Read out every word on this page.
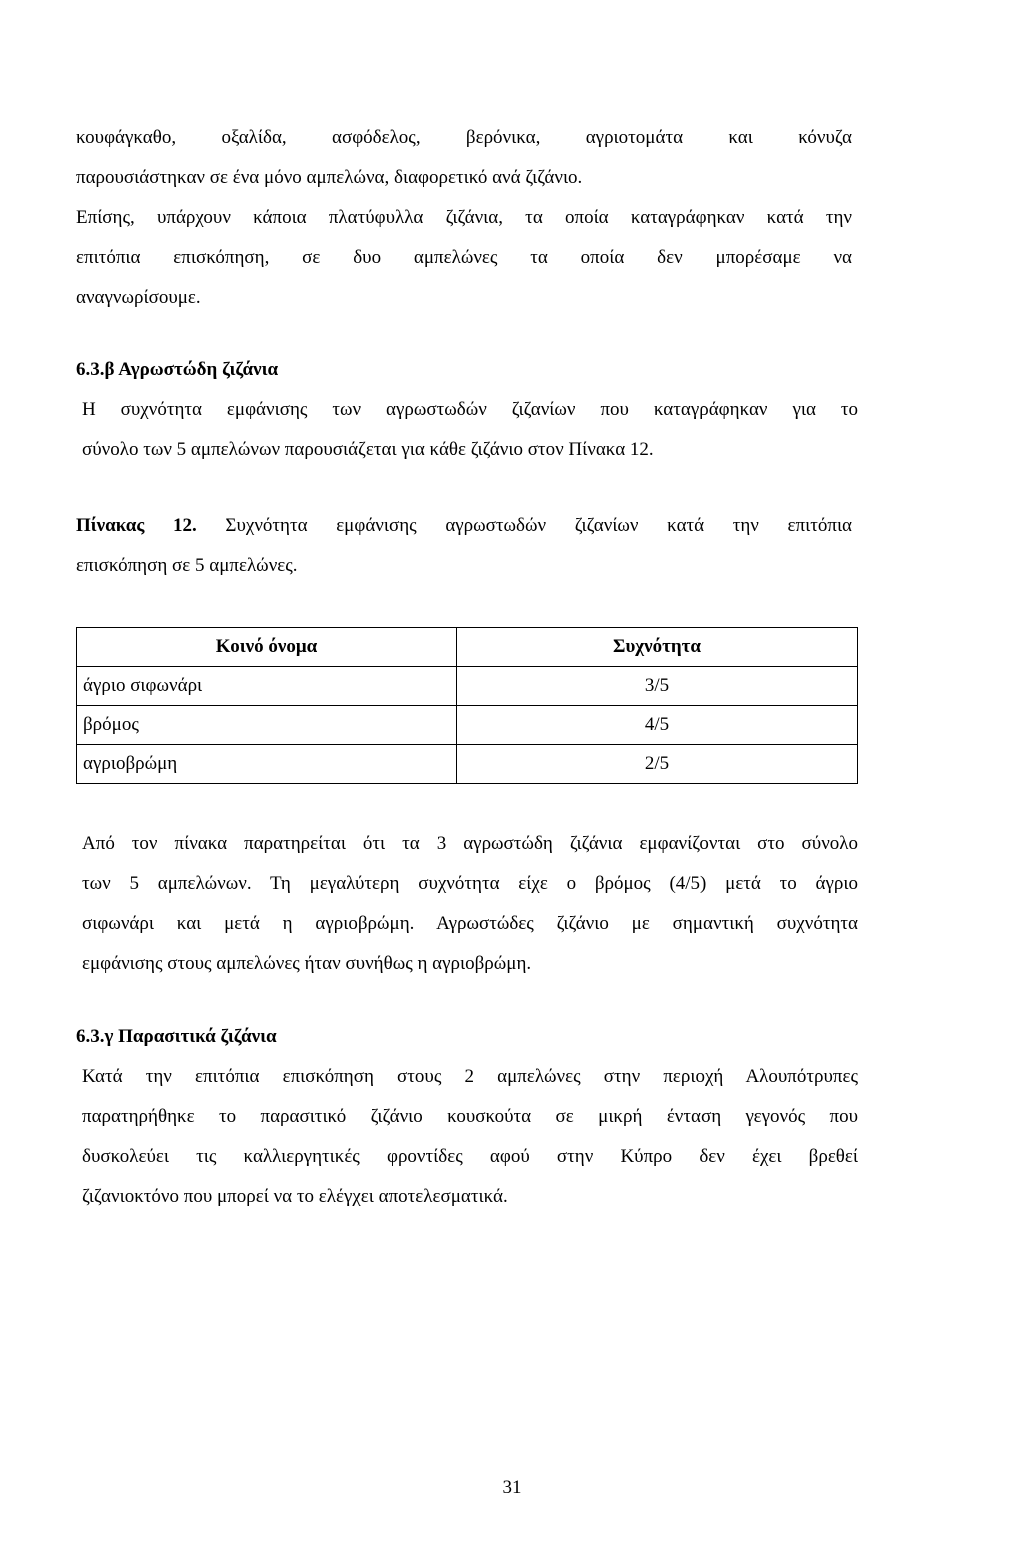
κουφάγκαθο, οξαλίδα, ασφόδελος, βερόνικα, αγριοτομάτα και κόνυζα
παρουσιάστηκαν σε ένα μόνο αμπελώνα, διαφορετικό ανά ζιζάνιο.
Επίσης, υπάρχουν κάποια πλατύφυλλα ζιζάνια, τα οποία καταγράφηκαν κατά την
επιτόπια επισκόπηση, σε δυο αμπελώνες τα οποία δεν μπορέσαμε να
αναγνωρίσουμε.
6.3.β Αγρωστώδη ζιζάνια
Η συχνότητα εμφάνισης των αγρωστωδών ζιζανίων που καταγράφηκαν για το
σύνολο των 5 αμπελώνων παρουσιάζεται για κάθε ζιζάνιο στον Πίνακα 12.
Πίνακας 12. Συχνότητα εμφάνισης αγρωστωδών ζιζανίων κατά την επιτόπια
επισκόπηση σε 5 αμπελώνες.
Κοινό όνομα	Συχνότητα
άγριο σιφωνάρι	3/5
βρόμος	4/5
αγριοβρώμη	2/5
Από τον πίνακα παρατηρείται ότι τα 3 αγρωστώδη ζιζάνια εμφανίζονται στο σύνολο
των 5 αμπελώνων. Τη μεγαλύτερη συχνότητα είχε ο βρόμος (4/5) μετά το άγριο
σιφωνάρι και μετά η αγριοβρώμη. Αγρωστώδες ζιζάνιο με σημαντική συχνότητα
εμφάνισης στους αμπελώνες ήταν συνήθως η αγριοβρώμη.
6.3.γ Παρασιτικά ζιζάνια
Κατά την επιτόπια επισκόπηση στους 2 αμπελώνες στην περιοχή Αλουπότρυπες
παρατηρήθηκε το παρασιτικό ζιζάνιο κουσκούτα σε μικρή ένταση γεγονός που
δυσκολεύει τις καλλιεργητικές φροντίδες αφού στην Κύπρο δεν έχει βρεθεί
ζιζανιοκτόνο που μπορεί να το ελέγχει αποτελεσματικά.
31
